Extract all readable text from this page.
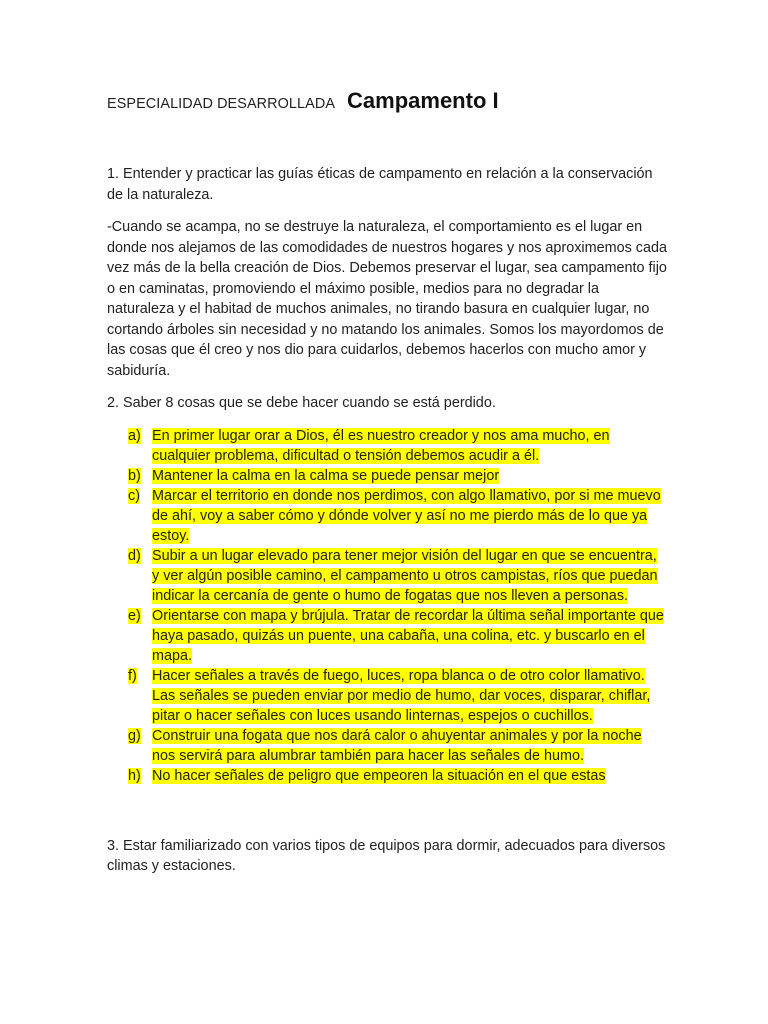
ESPECIALIDAD DESARROLLADA Campamento I

1. Entender y practicar las guías éticas de campamento en relación a la conservación de la naturaleza.

-Cuando se acampa, no se destruye la naturaleza, el comportamiento es el lugar en donde nos alejamos de las comodidades de nuestros hogares y nos aproximemos cada vez más de la bella creación de Dios. Debemos preservar el lugar, sea campamento fijo o en caminatas, promoviendo el máximo posible, medios para no degradar la naturaleza y el habitad de muchos animales, no tirando basura en cualquier lugar, no cortando árboles sin necesidad y no matando los animales. Somos los mayordomos de las cosas que él creo y nos dio para cuidarlos, debemos hacerlos con mucho amor y sabiduría.

2. Saber 8 cosas que se debe hacer cuando se está perdido.

a) En primer lugar orar a Dios, él es nuestro creador y nos ama mucho, en cualquier problema, dificultad o tensión debemos acudir a él.
b) Mantener la calma en la calma se puede pensar mejor
c) Marcar el territorio en donde nos perdimos, con algo llamativo, por si me muevo de ahí, voy a saber cómo y dónde volver y así no me pierdo más de lo que ya estoy.
d) Subir a un lugar elevado para tener mejor visión del lugar en que se encuentra, y ver algún posible camino, el campamento u otros campistas, ríos que puedan indicar la cercanía de gente o humo de fogatas que nos lleven a personas.
e) Orientarse con mapa y brújula. Tratar de recordar la última señal importante que haya pasado, quizás un puente, una cabaña, una colina, etc. y buscarlo en el mapa.
f)	Hacer señales a través de fuego, luces, ropa blanca o de otro color llamativo. Las señales se pueden enviar por medio de humo, dar voces, disparar, chiflar, pitar o hacer señales con luces usando linternas, espejos o cuchillos.
g) Construir una fogata que nos dará calor o ahuyentar animales y por la noche nos servirá para alumbrar también para hacer las señales de humo.
h) No hacer señales de peligro que empeoren la situación en el que estas

3. Estar familiarizado con varios tipos de equipos para dormir, adecuados para diversos climas y estaciones.
